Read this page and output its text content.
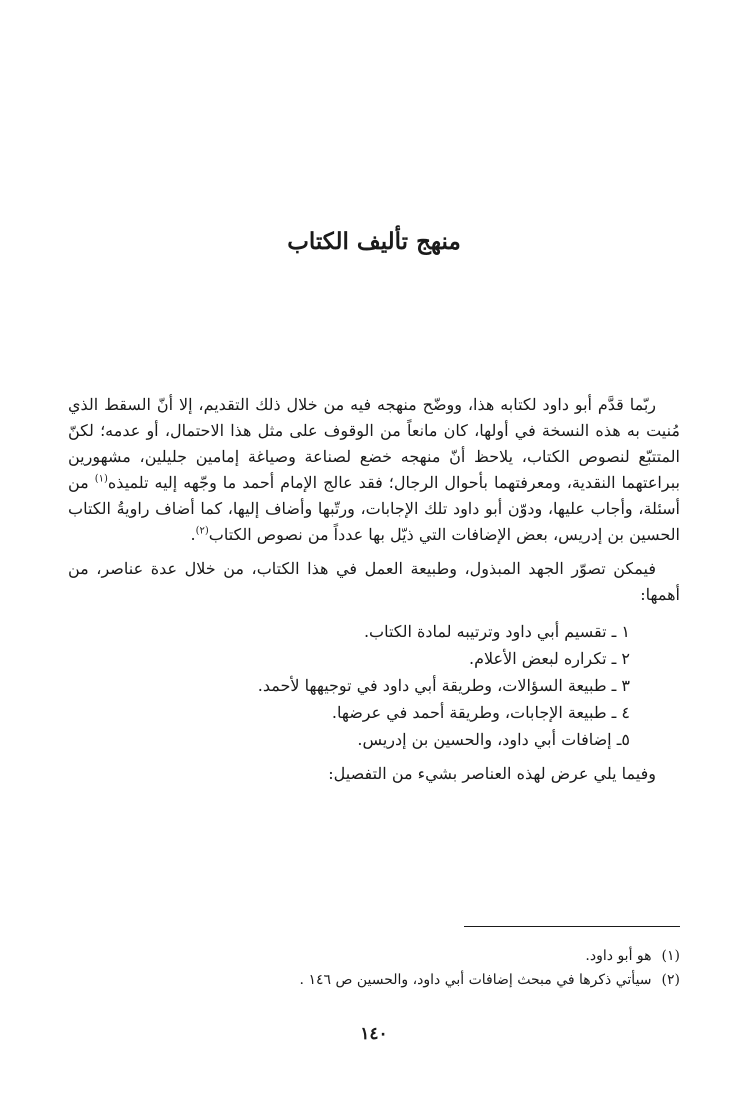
منهج تأليف الكتاب

ربّما قدَّم أبو داود لكتابه هذا، ووضّح منهجه فيه من خلال ذلك التقديم، إلا أنّ السقط الذي مُنيت به هذه النسخة في أولها، كان مانعاً من الوقوف على مثل هذا الاحتمال، أو عدمه؛ لكنّ المتتبّع لنصوص الكتاب، يلاحظ أنّ منهجه خضع لصناعة وصياغة إمامين جليلين، مشهورين ببراعتهما النقدية، ومعرفتهما بأحوال الرجال؛ فقد عالج الإمام أحمد ما وجّهه إليه تلميذه$^{(١)}$ من أسئلة، وأجاب عليها، ودوّن أبو داود تلك الإجابات، ورتّبها وأضاف إليها، كما أضاف راويةُ الكتاب الحسين بن إدريس، بعض الإضافات التي ذيّل بها عدداً من نصوص الكتاب$^{(٢)}$.

فيمكن تصوّر الجهد المبذول، وطبيعة العمل في هذا الكتاب، من خلال عدة عناصر، من أهمها:

١ ـ تقسيم أبي داود وترتيبه لمادة الكتاب.
٢ ـ تكراره لبعض الأعلام.
٣ ـ طبيعة السؤالات، وطريقة أبي داود في توجيهها لأحمد.
٤ ـ طبيعة الإجابات، وطريقة أحمد في عرضها.
٥ـ إضافات أبي داود، والحسين بن إدريس.

وفيما يلي عرض لهذه العناصر بشيء من التفصيل:

(١)هو أبو داود.

(٢)سيأتي ذكرها في مبحث إضافات أبي داود، والحسين ص ١٤٦ .

١٤٠
